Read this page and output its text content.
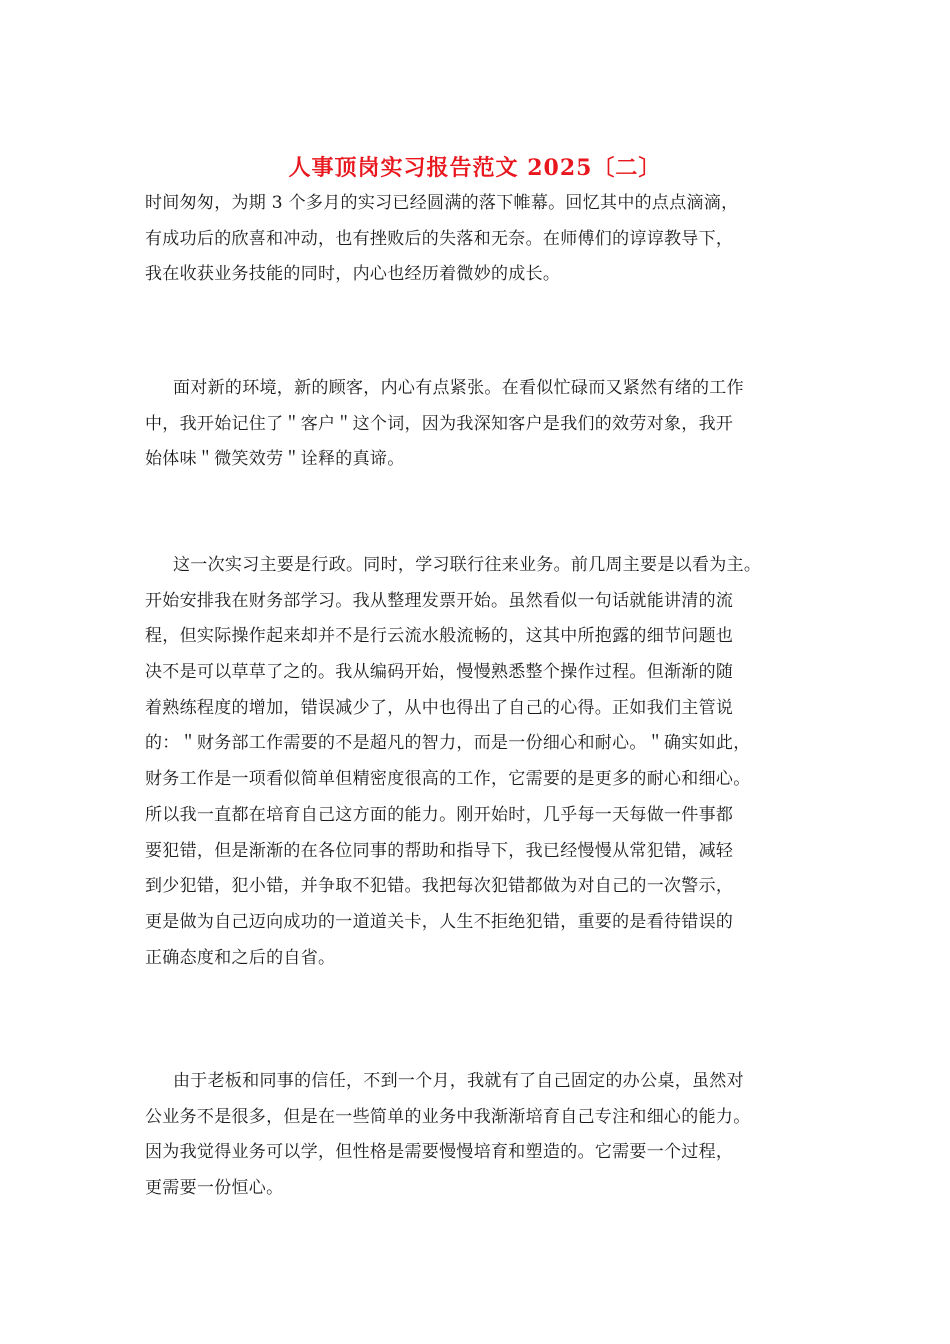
人事顶岗实习报告范文 2025〔二〕
时间匆匆，为期 3 个多月的实习已经圆满的落下帷幕。回忆其中的点点滴滴，
有成功后的欣喜和冲动，也有挫败后的失落和无奈。在师傅们的谆谆教导下，
我在收获业务技能的同时，内心也经历着微妙的成长。
面对新的环境，新的顾客，内心有点紧张。在看似忙碌而又紧然有绪的工作
中，我开始记住了＂客户＂这个词，因为我深知客户是我们的效劳对象，我开
始体味＂微笑效劳＂诠释的真谛。
这一次实习主要是行政。同时，学习联行往来业务。前几周主要是以看为主。
开始安排我在财务部学习。我从整理发票开始。虽然看似一句话就能讲清的流
程，但实际操作起来却并不是行云流水般流畅的，这其中所抱露的细节问题也
决不是可以草草了之的。我从编码开始，慢慢熟悉整个操作过程。但渐渐的随
着熟练程度的增加，错误减少了，从中也得出了自己的心得。正如我们主管说
的：＂财务部工作需要的不是超凡的智力，而是一份细心和耐心。＂确实如此，
财务工作是一项看似简单但精密度很高的工作，它需要的是更多的耐心和细心。
所以我一直都在培育自己这方面的能力。刚开始时，几乎每一天每做一件事都
要犯错，但是渐渐的在各位同事的帮助和指导下，我已经慢慢从常犯错，减轻
到少犯错，犯小错，并争取不犯错。我把每次犯错都做为对自己的一次警示，
更是做为自己迈向成功的一道道关卡，人生不拒绝犯错，重要的是看待错误的
正确态度和之后的自省。
由于老板和同事的信任，不到一个月，我就有了自己固定的办公桌，虽然对
公业务不是很多，但是在一些简单的业务中我渐渐培育自己专注和细心的能力。
因为我觉得业务可以学，但性格是需要慢慢培育和塑造的。它需要一个过程，
更需要一份恒心。
